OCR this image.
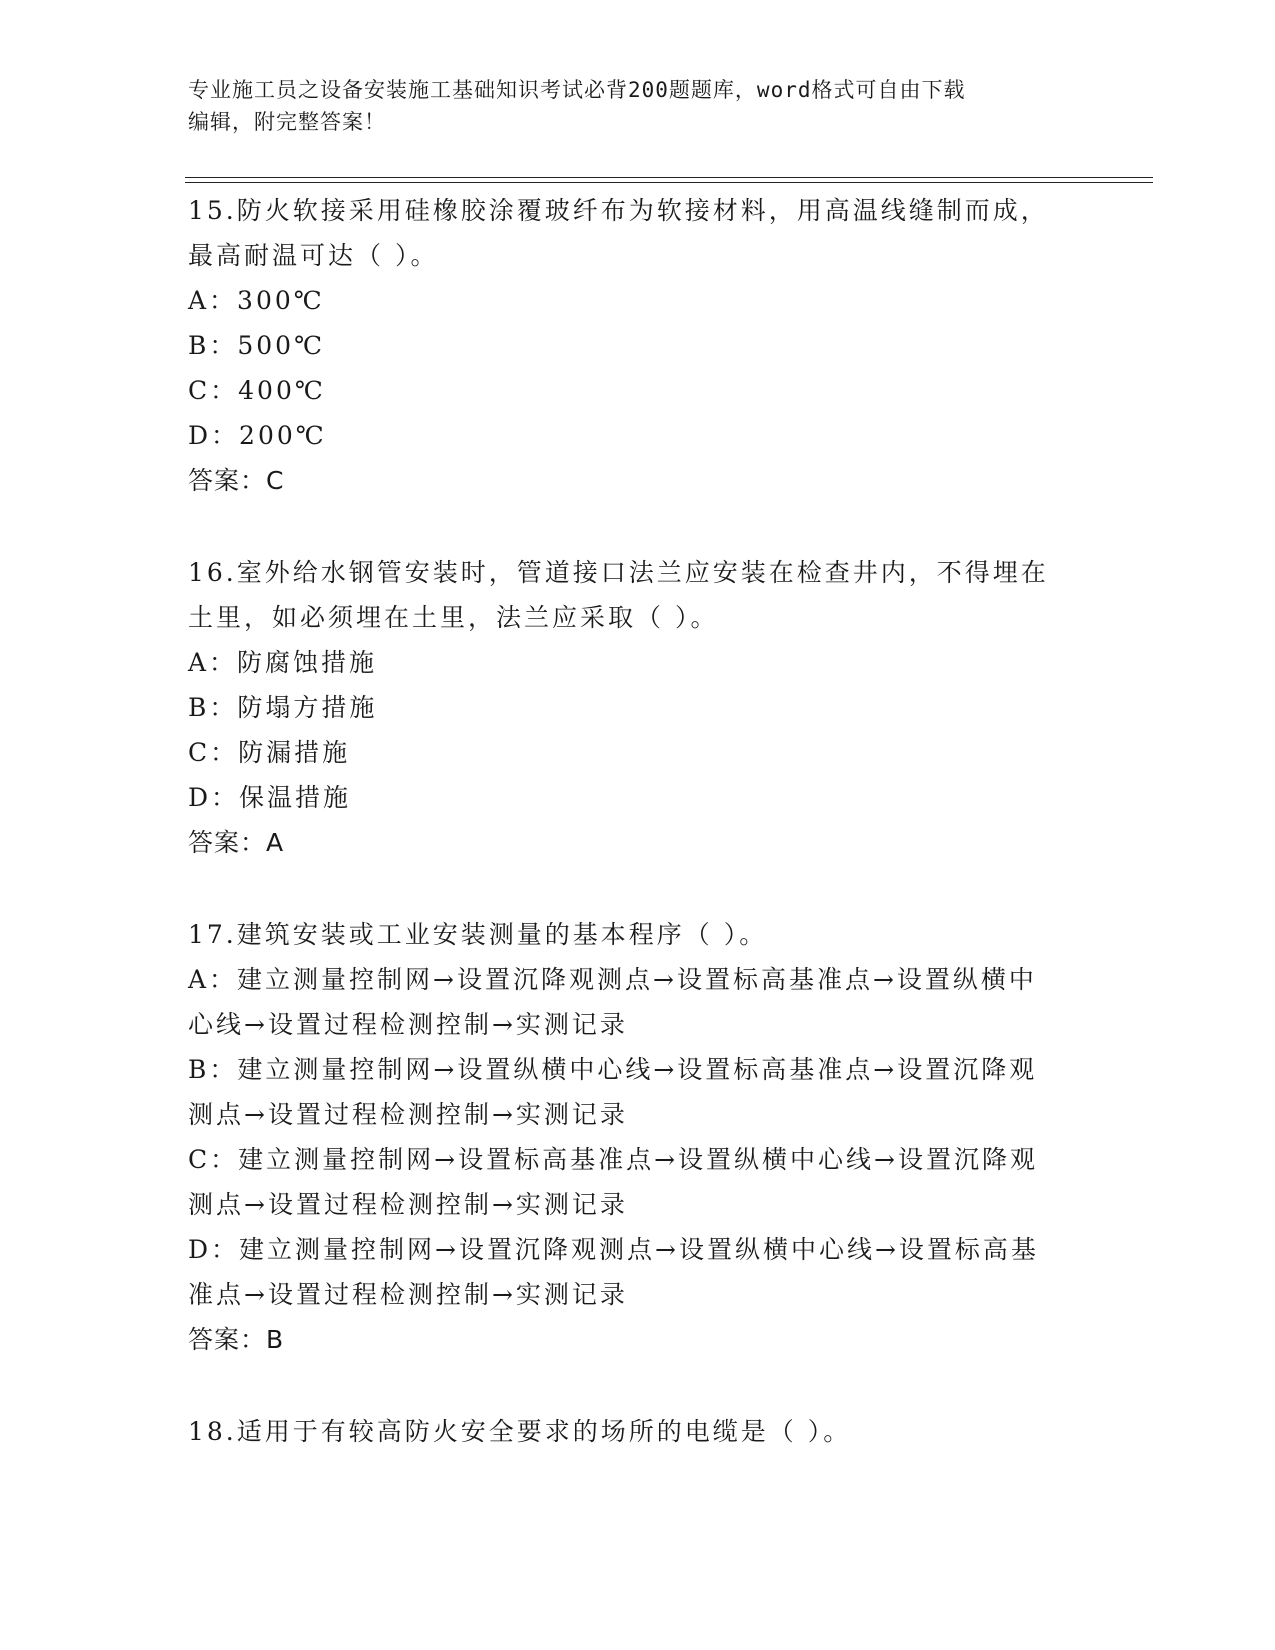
专业施工员之设备安装施工基础知识考试必背200题题库，word格式可自由下载
编辑，附完整答案！
15.防火软接采用硅橡胶涂覆玻纤布为软接材料，用高温线缝制而成，
最高耐温可达（ ）。
A：300℃
B：500℃
C：400℃
D：200℃
答案：C
16.室外给水钢管安装时，管道接口法兰应安装在检查井内，不得埋在
土里，如必须埋在土里，法兰应采取（ ）。
A：防腐蚀措施
B：防塌方措施
C：防漏措施
D：保温措施
答案：A
17.建筑安装或工业安装测量的基本程序（ ）。
A：建立测量控制网→设置沉降观测点→设置标高基准点→设置纵横中
心线→设置过程检测控制→实测记录
B：建立测量控制网→设置纵横中心线→设置标高基准点→设置沉降观
测点→设置过程检测控制→实测记录
C：建立测量控制网→设置标高基准点→设置纵横中心线→设置沉降观
测点→设置过程检测控制→实测记录
D：建立测量控制网→设置沉降观测点→设置纵横中心线→设置标高基
准点→设置过程检测控制→实测记录
答案：B
18.适用于有较高防火安全要求的场所的电缆是（ ）。
